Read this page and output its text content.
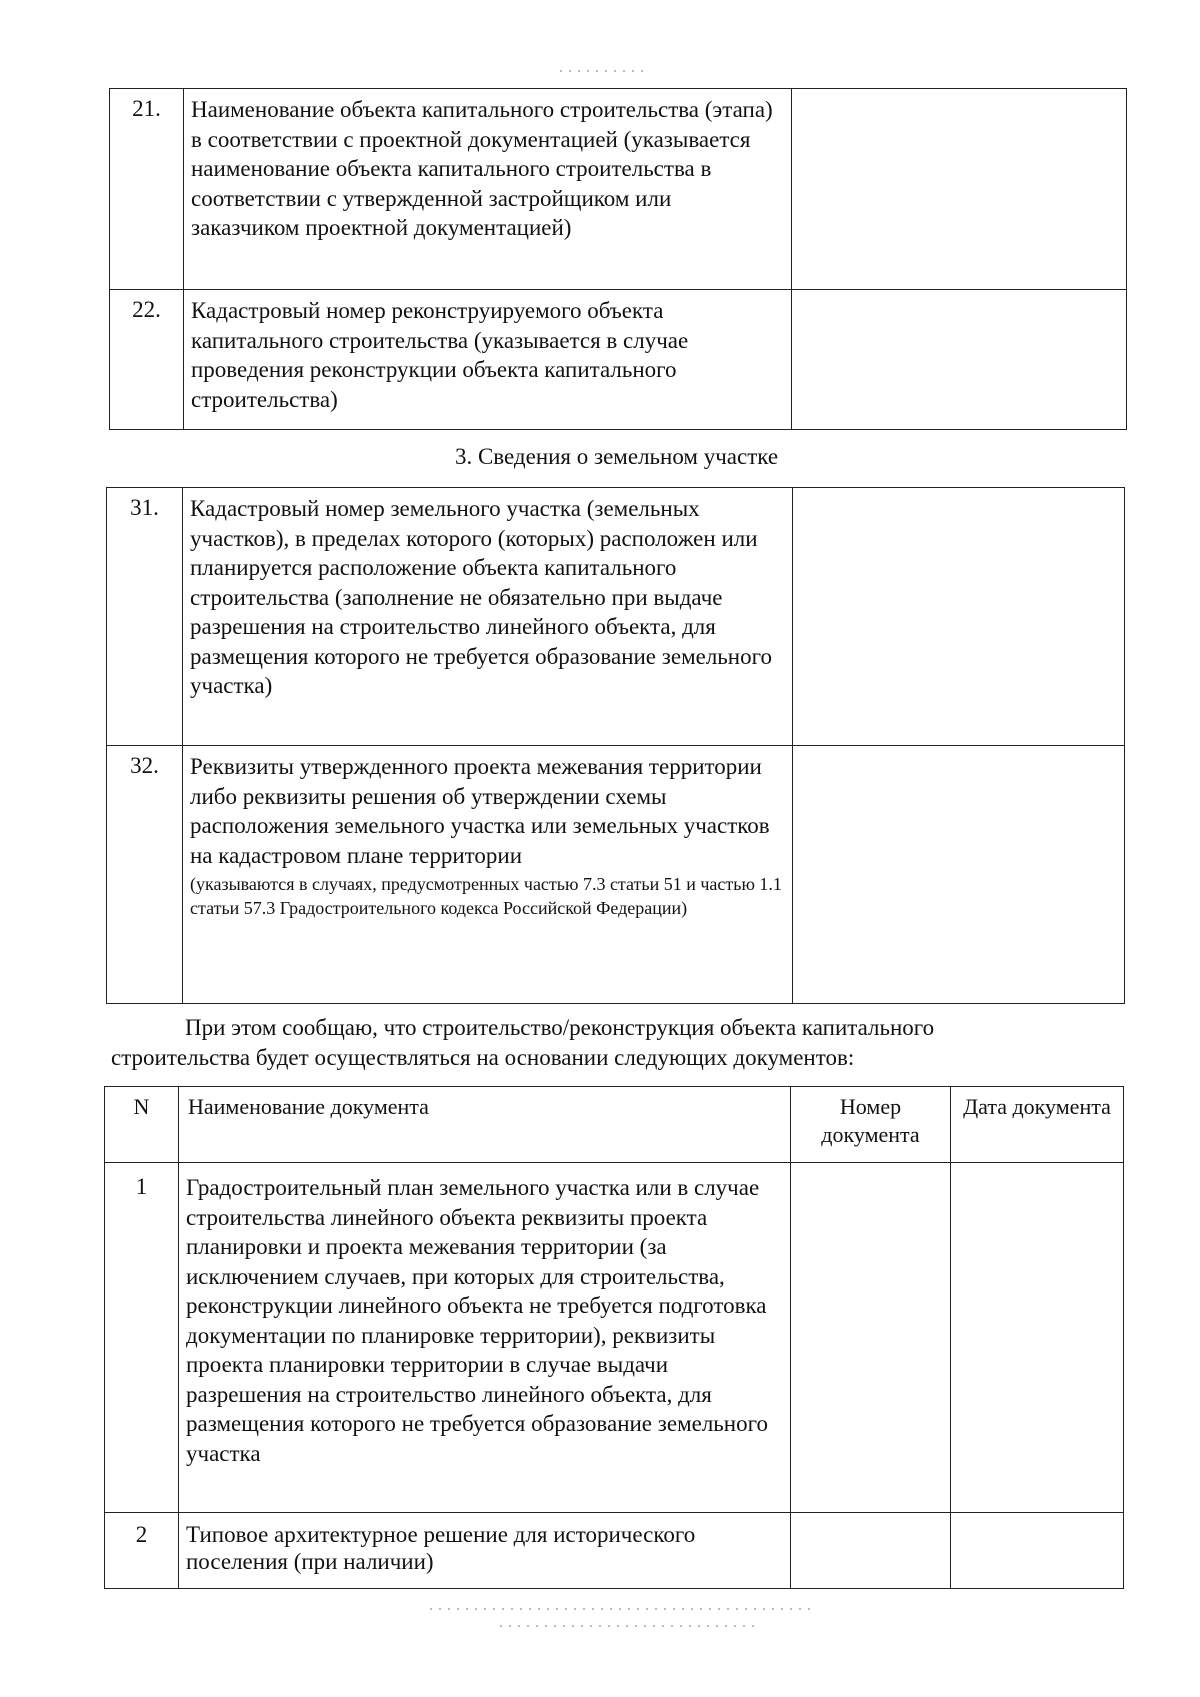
21.	Наименование объекта капитального строительства (этапа) в соответствии с проектной документацией (указывается наименование объекта капитального строительства в соответствии с утвержденной застройщиком или заказчиком проектной документацией)	
22.	Кадастровый номер реконструируемого объекта капитального строительства (указывается в случае проведения реконструкции объекта капитального строительства)	
3. Сведения о земельном участке
31.	Кадастровый номер земельного участка (земельных участков), в пределах которого (которых) расположен или планируется расположение объекта капитального строительства (заполнение не обязательно при выдаче разрешения на строительство линейного объекта, для размещения которого не требуется образование земельного участка)	
32.	Реквизиты утвержденного проекта межевания территории либо реквизиты решения об утверждении схемы расположения земельного участка или земельных участков на кадастровом плане территории
(указываются в случаях, предусмотренных частью 7.3 статьи 51 и частью 1.1 статьи 57.3 Градостроительного кодекса Российской Федерации)	

При этом сообщаю, что строительство/реконструкция объекта капитального
строительства будет осуществляться на основании следующих документов:
N	Наименование документа	Номер документа	Дата документа
1	Градостроительный план земельного участка или в случае строительства линейного объекта реквизиты проекта планировки и проекта межевания территории (за исключением случаев, при которых для строительства, реконструкции линейного объекта не требуется подготовка документации по планировке территории), реквизиты проекта планировки территории в случае выдачи разрешения на строительство линейного объекта, для размещения которого не требуется образование земельного участка		
2	Типовое архитектурное решение для исторического поселения (при наличии)		
